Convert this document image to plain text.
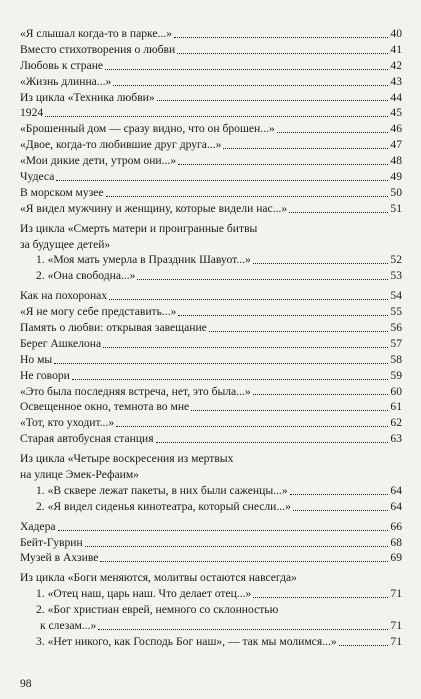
«Я слышал когда-то в парке...»	40
Вместо стихотворения о любви	41
Любовь к стране	42
«Жизнь длинна...»	43
Из цикла «Техника любви»	44
1924	45
«Брошенный дом — сразу видно, что он брошен...»	46
«Двое, когда-то любившие друг друга...»	47
«Мои дикие дети, утром они...»	48
Чудеса	49
В морском музее	50
«Я видел мужчину и женщину, которые видели нас...»	51
Из цикла «Смерть матери и проигранные битвы
за будущее детей»
1. «Моя мать умерла в Праздник Шавуот...»	52
2. «Она свободна...»	53
Как на похоронах	54
«Я не могу себе представить...»	55
Память о любви: открывая завещание	56
Берег Ашкелона	57
Но мы	58
Не говори	59
«Это была последняя встреча, нет, это была...»	60
Освещенное окно, темнота во мне	61
«Тот, кто уходит...»	62
Старая автобусная станция	63
Из цикла «Четыре воскресения из мертвых
на улице Эмек-Рефаим»
1. «В сквере лежат пакеты, в них были саженцы...»	64
2. «Я видел сиденья кинотеатра, который снесли...»	64
Хадера	66
Бейт-Гуврин	68
Музей в Ахзиве	69
Из цикла «Боги меняются, молитвы остаются навсегда»
1. «Отец наш, царь наш. Что делает отец...»	71
2. «Бог христиан еврей, немного со склонностью
к слезам...»	71
3. «Нет никого, как Господь Бог наш», — так мы молимся...»	71
98
